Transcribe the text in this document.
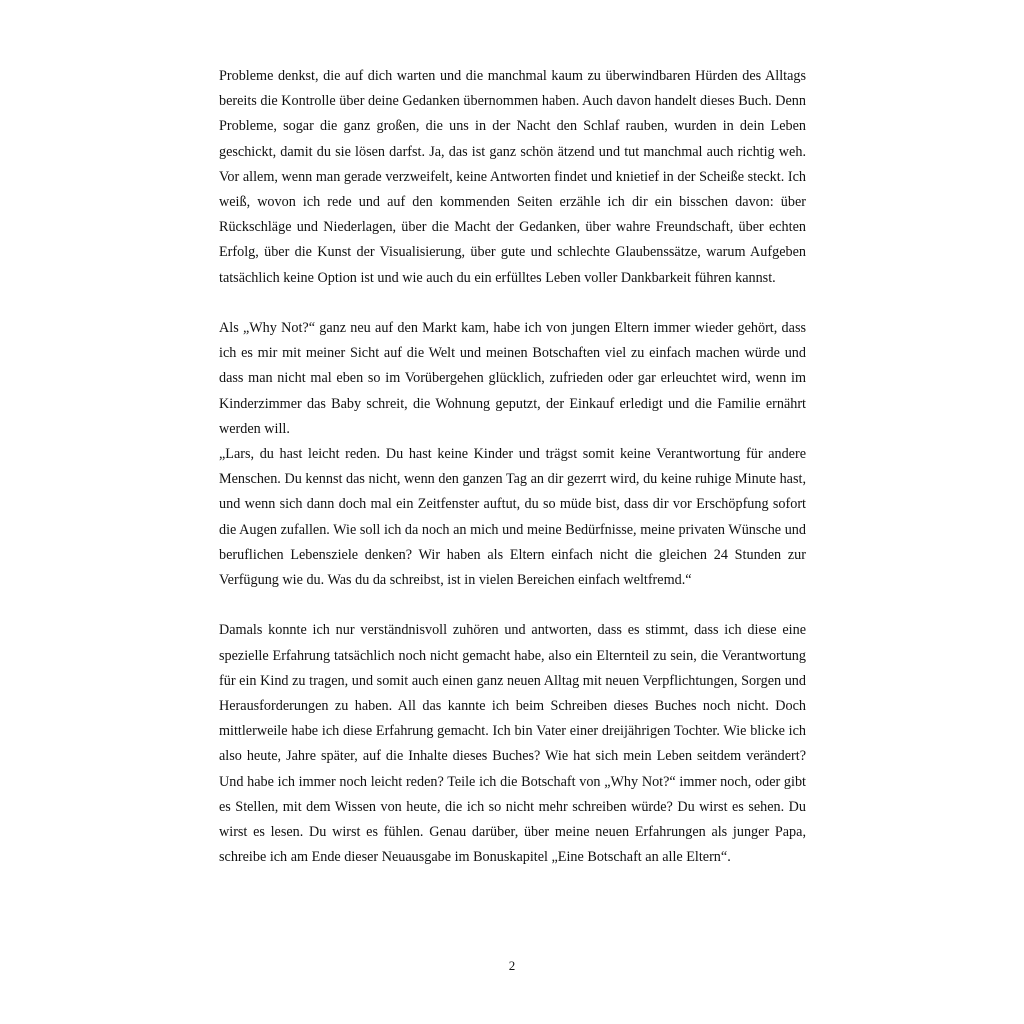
Probleme denkst, die auf dich warten und die manchmal kaum zu überwindbaren Hürden des Alltags bereits die Kontrolle über deine Gedanken übernommen haben. Auch davon handelt dieses Buch. Denn Probleme, sogar die ganz großen, die uns in der Nacht den Schlaf rauben, wurden in dein Leben geschickt, damit du sie lösen darfst. Ja, das ist ganz schön ätzend und tut manchmal auch richtig weh. Vor allem, wenn man gerade verzweifelt, keine Antworten findet und knietief in der Scheiße steckt. Ich weiß, wovon ich rede und auf den kommenden Seiten erzähle ich dir ein bisschen davon: über Rückschläge und Niederlagen, über die Macht der Gedanken, über wahre Freundschaft, über echten Erfolg, über die Kunst der Visualisierung, über gute und schlechte Glaubenssätze, warum Aufgeben tatsächlich keine Option ist und wie auch du ein erfülltes Leben voller Dankbarkeit führen kannst.

Als „Why Not?“ ganz neu auf den Markt kam, habe ich von jungen Eltern immer wieder gehört, dass ich es mir mit meiner Sicht auf die Welt und meinen Botschaften viel zu einfach machen würde und dass man nicht mal eben so im Vorübergehen glücklich, zufrieden oder gar erleuchtet wird, wenn im Kinderzimmer das Baby schreit, die Wohnung geputzt, der Einkauf erledigt und die Familie ernährt werden will.

„Lars, du hast leicht reden. Du hast keine Kinder und trägst somit keine Verantwortung für andere Menschen. Du kennst das nicht, wenn den ganzen Tag an dir gezerrt wird, du keine ruhige Minute hast, und wenn sich dann doch mal ein Zeitfenster auftut, du so müde bist, dass dir vor Erschöpfung sofort die Augen zufallen. Wie soll ich da noch an mich und meine Bedürfnisse, meine privaten Wünsche und beruflichen Lebensziele denken? Wir haben als Eltern einfach nicht die gleichen 24 Stunden zur Verfügung wie du. Was du da schreibst, ist in vielen Bereichen einfach weltfremd.“

Damals konnte ich nur verständnisvoll zuhören und antworten, dass es stimmt, dass ich diese eine spezielle Erfahrung tatsächlich noch nicht gemacht habe, also ein Elternteil zu sein, die Verantwortung für ein Kind zu tragen, und somit auch einen ganz neuen Alltag mit neuen Verpflichtungen, Sorgen und Herausforderungen zu haben. All das kannte ich beim Schreiben dieses Buches noch nicht. Doch mittlerweile habe ich diese Erfahrung gemacht. Ich bin Vater einer dreijährigen Tochter. Wie blicke ich also heute, Jahre später, auf die Inhalte dieses Buches? Wie hat sich mein Leben seitdem verändert? Und habe ich immer noch leicht reden? Teile ich die Botschaft von „Why Not?“ immer noch, oder gibt es Stellen, mit dem Wissen von heute, die ich so nicht mehr schreiben würde? Du wirst es sehen. Du wirst es lesen. Du wirst es fühlen. Genau darüber, über meine neuen Erfahrungen als junger Papa, schreibe ich am Ende dieser Neuausgabe im Bonuskapitel „Eine Botschaft an alle Eltern“.

2
